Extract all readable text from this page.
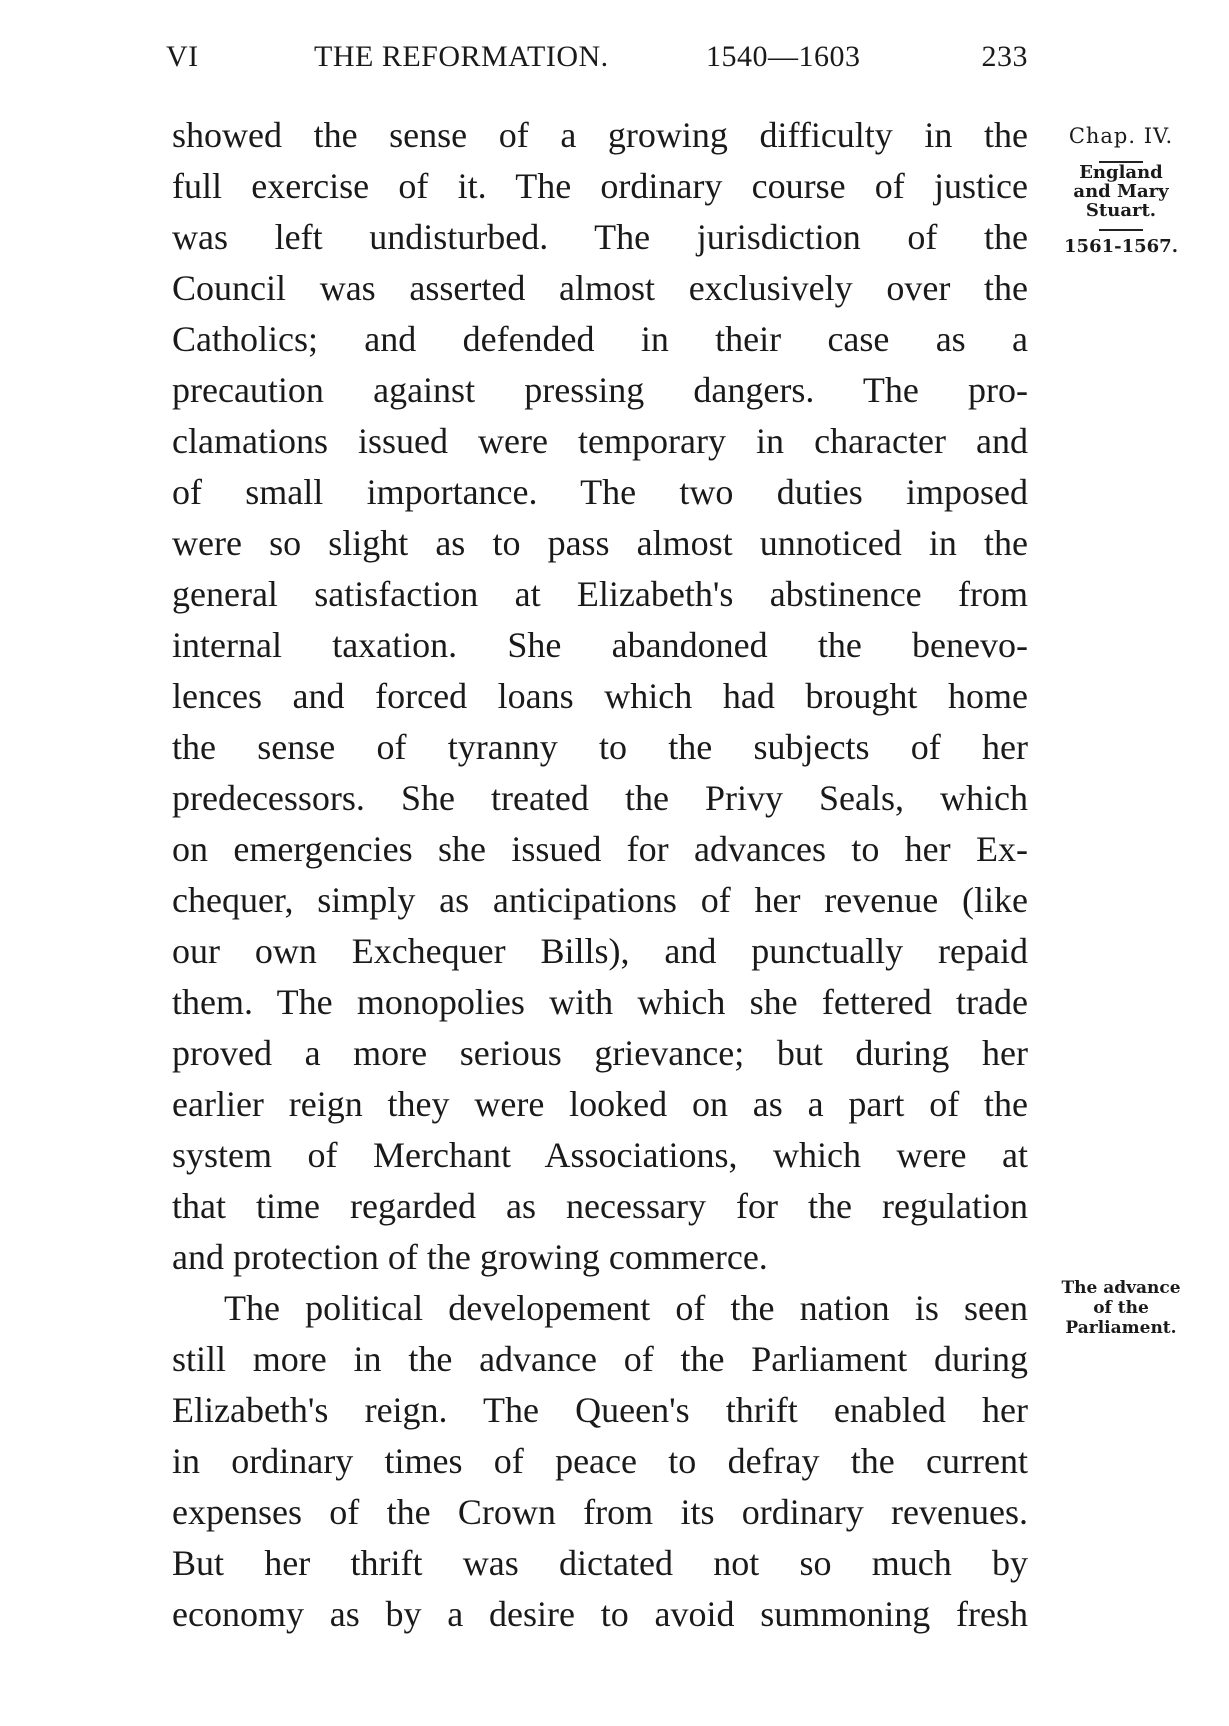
VI	THE REFORMATION.	1540—1603	233
showed the sense of a growing difficulty in the
full exercise of it. The ordinary course of justice
was left undisturbed. The jurisdiction of the
Council was asserted almost exclusively over the
Catholics; and defended in their case as a
precaution against pressing dangers. The pro-
clamations issued were temporary in character and
of small importance. The two duties imposed
were so slight as to pass almost unnoticed in the
general satisfaction at Elizabeth's abstinence from
internal taxation. She abandoned the benevo-
lences and forced loans which had brought home
the sense of tyranny to the subjects of her
predecessors. She treated the Privy Seals, which
on emergencies she issued for advances to her Ex-
chequer, simply as anticipations of her revenue (like
our own Exchequer Bills), and punctually repaid
them. The monopolies with which she fettered trade
proved a more serious grievance; but during her
earlier reign they were looked on as a part of the
system of Merchant Associations, which were at
that time regarded as necessary for the regulation
and protection of the growing commerce.
The political developement of the nation is seen
still more in the advance of the Parliament during
Elizabeth's reign. The Queen's thrift enabled her
in ordinary times of peace to defray the current
expenses of the Crown from its ordinary revenues.
But her thrift was dictated not so much by
economy as by a desire to avoid summoning fresh
Chap. IV.
England
and Mary
Stuart.
1561-1567.
The advance
of the
Parliament.
